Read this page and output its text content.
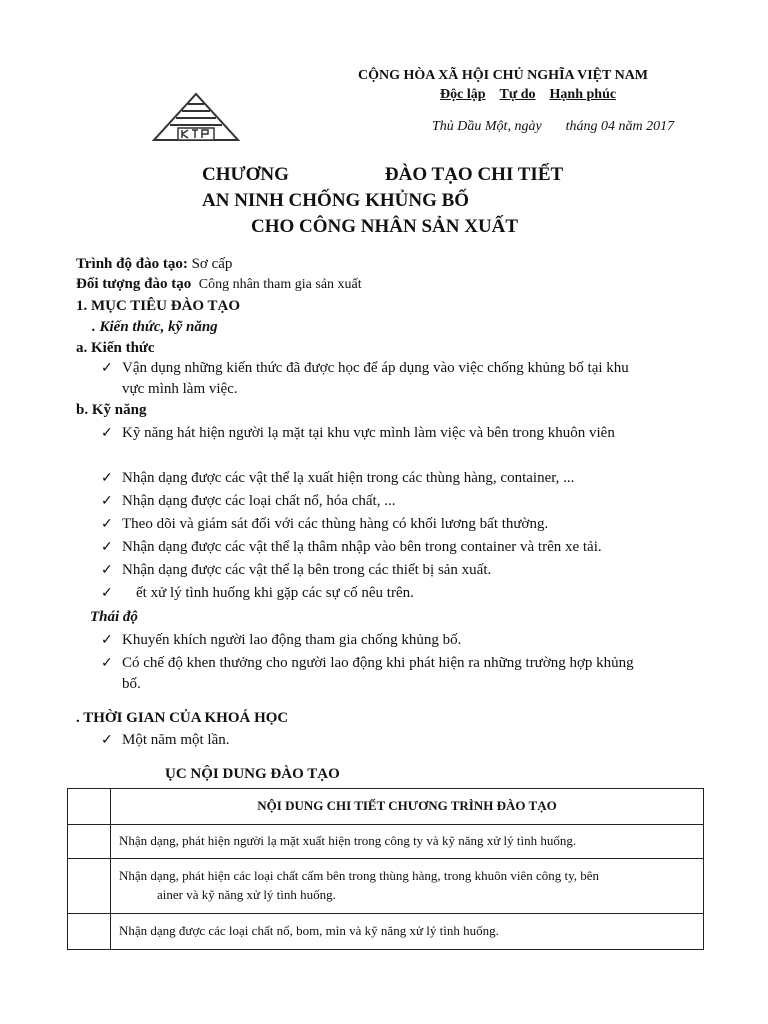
CỘNG HÒA XÃ HỘI CHỦ NGHĨA VIỆT NAM
Độc lập Tự do Hạnh phúc
Thủ Dầu Một, ngày tháng 04 năm 2017
CHƯƠNG	ĐÀO TẠO CHI TIẾT
AN NINH CHỐNG KHỦNG BỐ
CHO CÔNG NHÂN SẢN XUẤT
Trình độ đào tạo: Sơ cấp
Đối tượng đào tạo Công nhân tham gia sản xuất
1. MỤC TIÊU ĐÀO TẠO
. Kiến thức, kỹ năng
a. Kiến thức
✓ Vận dụng những kiến thức đã được học để áp dụng vào việc chống khủng bố tại khu
vực mình làm việc.
b. Kỹ năng
✓ Kỹ năng hát hiện người lạ mặt tại khu vực mình làm việc và bên trong khuôn viên
✓ Nhận dạng được các vật thể lạ xuất hiện trong các thùng hàng, container, ...
✓ Nhận dạng được các loại chất nổ, hóa chất, ...
✓ Theo dõi và giám sát đối với các thùng hàng có khối lương bất thường.
✓ Nhận dạng được các vật thể lạ thâm nhập vào bên trong container và trên xe tải.
✓ Nhận dạng được các vật thể lạ bên trong các thiết bị sản xuất.
✓ ết xử lý tình huống khi gặp các sự cố nêu trên.
Thái độ
✓ Khuyến khích người lao động tham gia chống khủng bố.
✓ Có chế độ khen thưởng cho người lao động khi phát hiện ra những trường hợp khủng
bố.
. THỜI GIAN CỦA KHOÁ HỌC
✓ Một năm một lần.
ỤC NỘI DUNG ĐÀO TẠO
	NỘI DUNG CHI TIẾT CHƯƠNG TRÌNH ĐÀO TẠO
	Nhận dạng, phát hiện người lạ mặt xuất hiện trong công ty và kỹ năng xử lý tình huống.

	Nhận dạng, phát hiện các loại chất cấm bên trong thùng hàng, trong khuôn viên công ty, bên
ainer và kỹ năng xử lý tình huống.

	Nhận dạng được các loại chất nổ, bom, mìn và kỹ năng xử lý tình huống.
